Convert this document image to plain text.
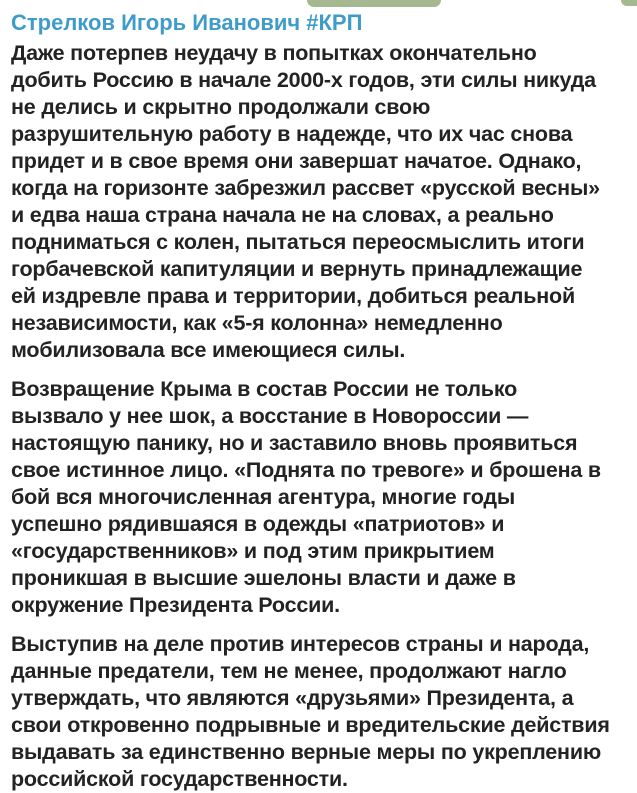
Стрелков Игорь Иванович #КРП

Даже потерпев неудачу в попытках окончательно добить Россию в начале 2000-х годов, эти силы никуда не делись и скрытно продолжали свою разрушительную работу в надежде, что их час снова придет и в свое время они завершат начатое. Однако, когда на горизонте забрезжил рассвет «русской весны» и едва наша страна начала не на словах, а реально подниматься с колен, пытаться переосмыслить итоги горбачевской капитуляции и вернуть принадлежащие ей издревле права и территории, добиться реальной независимости, как «5-я колонна» немедленно мобилизовала все имеющиеся силы.

Возвращение Крыма в состав России не только вызвало у нее шок, а восстание в Новороссии — настоящую панику, но и заставило вновь проявиться свое истинное лицо. «Поднята по тревоге» и брошена в бой вся многочисленная агентура, многие годы успешно рядившаяся в одежды «патриотов» и «государственников» и под этим прикрытием проникшая в высшие эшелоны власти и даже в окружение Президента России.

Выступив на деле против интересов страны и народа, данные предатели, тем не менее, продолжают нагло утверждать, что являются «друзьями» Президента, а свои откровенно подрывные и вредительские действия выдавать за единственно верные меры по укреплению российской государственности.
